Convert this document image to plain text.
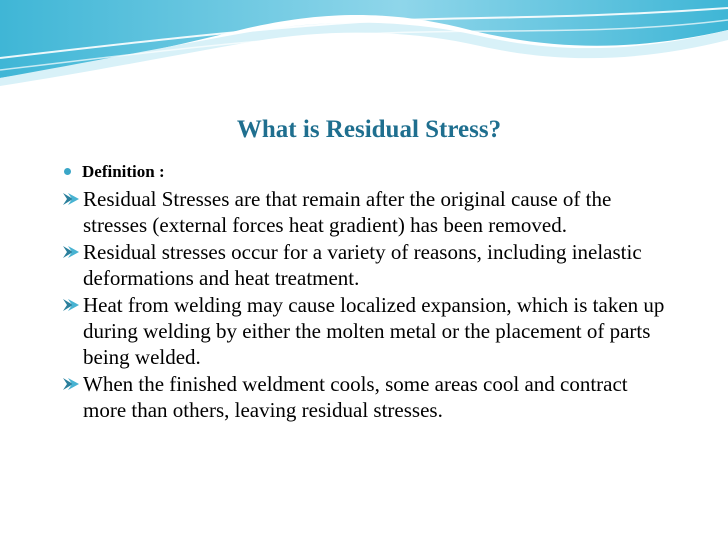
What is Residual Stress?
Definition :
Residual Stresses are that remain after the original cause of the stresses (external forces heat gradient) has been removed.
Residual stresses occur for a variety of reasons, including inelastic deformations and heat treatment.
Heat from welding may cause localized expansion, which is taken up during welding by either the molten metal or the placement of parts being welded.
When the finished weldment cools, some areas cool and contract more than others, leaving residual stresses.
